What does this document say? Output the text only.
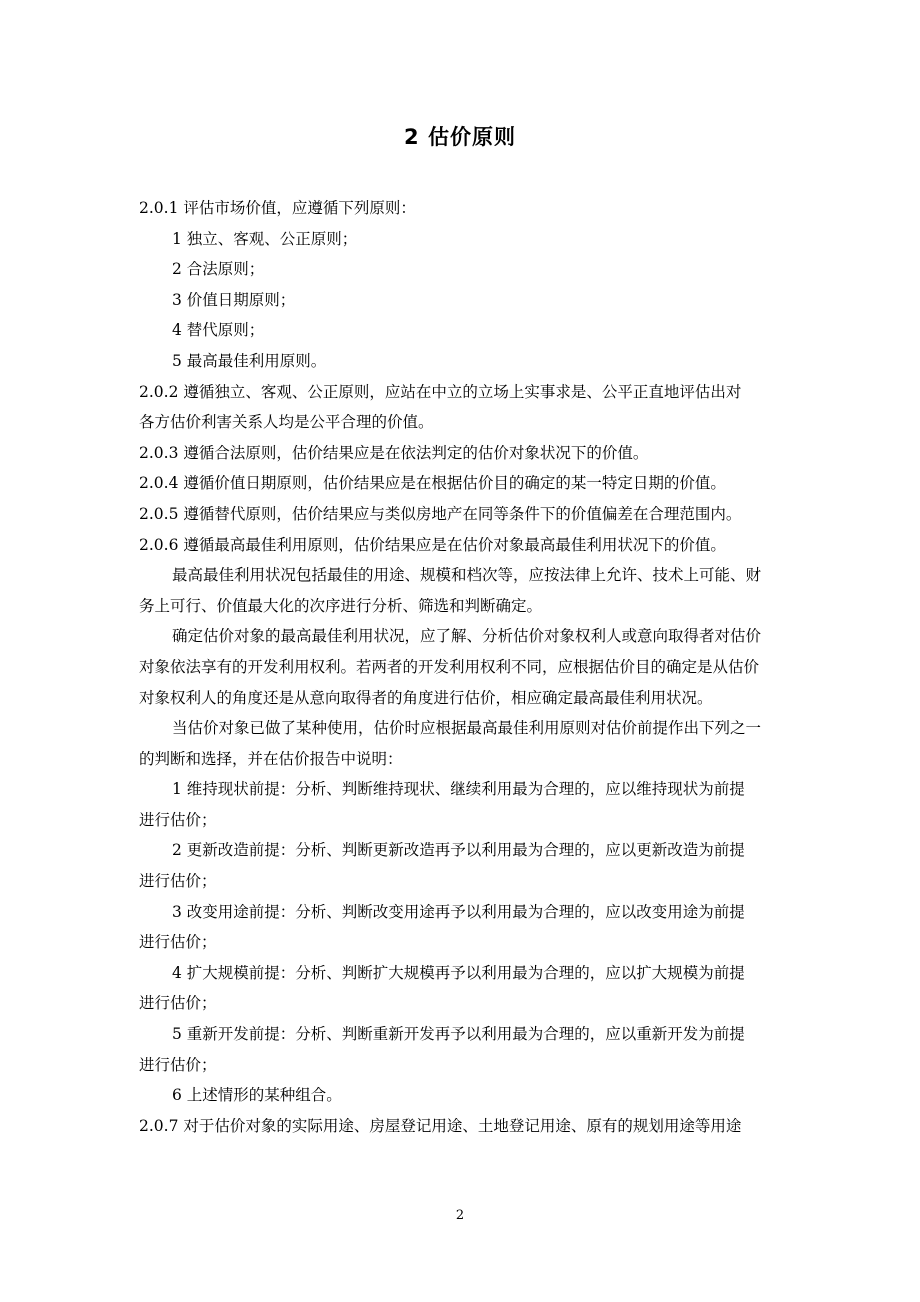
2 估价原则
2.0.1 评估市场价值，应遵循下列原则：
1 独立、客观、公正原则；
2 合法原则；
3 价值日期原则；
4 替代原则；
5 最高最佳利用原则。
2.0.2 遵循独立、客观、公正原则，应站在中立的立场上实事求是、公平正直地评估出对
各方估价利害关系人均是公平合理的价值。
2.0.3 遵循合法原则，估价结果应是在依法判定的估价对象状况下的价值。
2.0.4 遵循价值日期原则，估价结果应是在根据估价目的确定的某一特定日期的价值。
2.0.5 遵循替代原则，估价结果应与类似房地产在同等条件下的价值偏差在合理范围内。
2.0.6 遵循最高最佳利用原则，估价结果应是在估价对象最高最佳利用状况下的价值。
最高最佳利用状况包括最佳的用途、规模和档次等，应按法律上允许、技术上可能、财
务上可行、价值最大化的次序进行分析、筛选和判断确定。
确定估价对象的最高最佳利用状况，应了解、分析估价对象权利人或意向取得者对估价
对象依法享有的开发利用权利。若两者的开发利用权利不同，应根据估价目的确定是从估价
对象权利人的角度还是从意向取得者的角度进行估价，相应确定最高最佳利用状况。
当估价对象已做了某种使用，估价时应根据最高最佳利用原则对估价前提作出下列之一
的判断和选择，并在估价报告中说明：
1 维持现状前提：分析、判断维持现状、继续利用最为合理的，应以维持现状为前提
进行估价；
2 更新改造前提：分析、判断更新改造再予以利用最为合理的，应以更新改造为前提
进行估价；
3 改变用途前提：分析、判断改变用途再予以利用最为合理的，应以改变用途为前提
进行估价；
4 扩大规模前提：分析、判断扩大规模再予以利用最为合理的，应以扩大规模为前提
进行估价；
5 重新开发前提：分析、判断重新开发再予以利用最为合理的，应以重新开发为前提
进行估价；
6 上述情形的某种组合。
2.0.7 对于估价对象的实际用途、房屋登记用途、土地登记用途、原有的规划用途等用途
2
